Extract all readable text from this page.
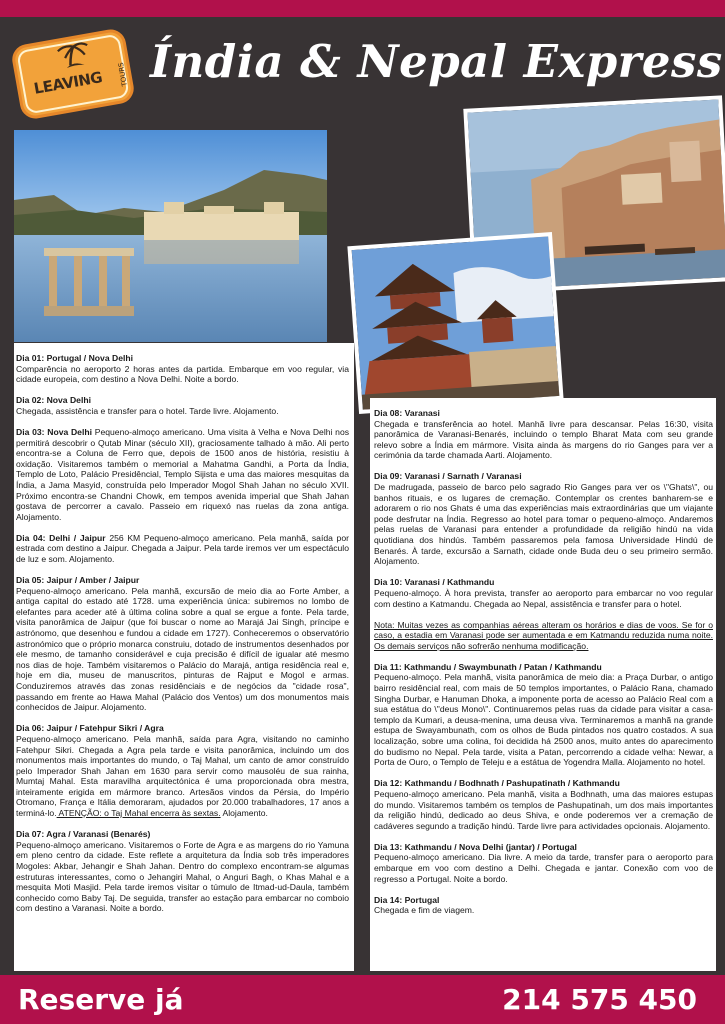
LEAVING TOURS Índia & Nepal Express
Dia 01: Portugal / Nova Delhi
Comparência no aeroporto 2 horas antes da partida. Embarque em voo regular, via cidade europeia, com destino a Nova Delhi. Noite a bordo.
Dia 02: Nova Delhi
Chegada, assistência e transfer para o hotel. Tarde livre. Alojamento.
Dia 03: Nova Delhi Pequeno-almoço americano. Uma visita à Velha e Nova Delhi nos permitirá descobrir o Qutab Minar (século XII), graciosamente talhado à mão. Ali perto encontra-se a Coluna de Ferro que, depois de 1500 anos de história, resistiu à oxidação. Visitaremos também o memorial a Mahatma Gandhi, a Porta da Índia, Templo de Loto, Palácio Presidêncial, Templo Sijista e uma das maiores mesquitas da Índia, a Jama Masyid, construída pelo Imperador Mogol Shah Jahan no século XVII. Próximo encontra-se Chandni Chowk, em tempos avenida imperial que Shah Jahan gostava de percorrer a cavalo. Passeio em riquexó nas ruelas da zona antiga. Alojamento.
Dia 04: Delhi / Jaipur 256 KM Pequeno-almoço americano. Pela manhã, saída por estrada com destino a Jaipur. Chegada a Jaipur. Pela tarde iremos ver um espectáculo de luz e som. Alojamento.
Dia 05: Jaipur / Amber / Jaipur
Pequeno-almoço americano. Pela manhã, excursão de meio dia ao Forte Amber, a antiga capital do estado até 1728. uma experiência única: subiremos no lombo de elefantes para aceder até à última colina sobre a qual se ergue a fonte. Pela tarde, visita panorâmica de Jaipur (que foi buscar o nome ao Marajá Jai Singh, príncipe e astrónomo, que desenhou e fundou a cidade em 1727). Conheceremos o observatório astronómico que o próprio monarca construiu, dotado de instrumentos desenhados por ele mesmo, de tamanho considerável e cuja precisão é difícil de igualar até mesmo nos dias de hoje. Também visitaremos o Palácio do Marajá, antiga residência real e, hoje em dia, museu de manuscritos, pinturas de Rajput e Mogol e armas. Conduziremos através das zonas residênciais e de negócios da "cidade rosa", passando em frente ao Hawa Mahal (Palácio dos Ventos) um dos monumentos mais conhecidos de Jaipur. Alojamento.
Dia 06: Jaipur / Fatehpur Sikri / Agra
Pequeno-almoço americano. Pela manhã, saída para Agra, visitando no caminho Fatehpur Sikri. Chegada a Agra pela tarde e visita panorâmica, incluindo um dos monumentos mais importantes do mundo, o Taj Mahal, um canto de amor construído pelo Imperador Shah Jahan em 1630 para servir como mausoléu de sua rainha, Mumtaj Mahal. Esta maravilha arquitectónica é uma proporcionada obra mestra, inteiramente erigida em mármore branco. Artesãos vindos da Pérsia, do Império Otromano, França e Itália demoraram, ajudados por 20.000 trabalhadores, 17 anos a terminá-lo. ATENÇÃO: o Taj Mahal encerra às sextas. Alojamento.
Dia 07: Agra / Varanasi (Benarés)
Pequeno-almoço americano. Visitaremos o Forte de Agra e as margens do rio Yamuna em pleno centro da cidade. Este reflete a arquitetura da Índia sob três imperadores Mogoles: Akbar, Jehangir e Shah Jahan. Dentro do complexo encontram-se algumas estruturas interessantes, como o Jehangiri Mahal, o Anguri Bagh, o Khas Mahal e a mesquita Moti Masjid. Pela tarde iremos visitar o túmulo de Itmad-ud-Daula, também conhecido como Baby Taj. De seguida, transfer ao estação para embarcar no comboio com destino a Varanasi. Noite a bordo.
Dia 08: Varanasi
Chegada e transferência ao hotel. Manhã livre para descansar. Pelas 16:30, visita panorâmica de Varanasi-Benarés, incluindo o templo Bharat Mata com seu grande relevo sobre a Índia em mármore. Visita ainda às margens do rio Ganges para ver a cerimónia da tarde chamada Aarti. Alojamento.
Dia 09: Varanasi / Sarnath / Varanasi
De madrugada, passeio de barco pelo sagrado Rio Ganges para ver os \"Ghats\", ou banhos rituais, e os lugares de cremação. Contemplar os crentes banharem-se e adorarem o rio nos Ghats é uma das experiências mais extraordinárias que um viajante pode desfrutar na Índia. Regresso ao hotel para tomar o pequeno-almoço. Andaremos pelas ruelas de Varanasi para entender a profundidade da religião hindú na vida quotidiana dos hindús. Também passaremos pela famosa Universidade Hindú de Benarés. À tarde, excursão a Sarnath, cidade onde Buda deu o seu primeiro sermão. Alojamento.
Dia 10: Varanasi / Kathmandu
Pequeno-almoço. À hora prevista, transfer ao aeroporto para embarcar no voo regular com destino a Katmandu. Chegada ao Nepal, assistência e transfer para o hotel.
Nota: Muitas vezes as companhias aéreas alteram os horários e dias de voos. Se for o caso, a estadia em Varanasi pode ser aumentada e em Katmandu reduzida numa noite. Os demais serviços não sofrerão nenhuma modificação.
Dia 11: Kathmandu / Swaymbunath / Patan / Kathmandu
Pequeno-almoço. Pela manhã, visita panorâmica de meio dia: a Praça Durbar, o antigo bairro residêncial real, com mais de 50 templos importantes, o Palácio Rana, chamado Singha Durbar, e Hanuman Dhoka, a imponente porta de acesso ao Palácio Real com a sua estátua do \"deus Mono\". Continuaremos pelas ruas da cidade para visitar a casa-templo da Kumari, a deusa-menina, uma deusa viva. Terminaremos a manhã na grande estupa de Swayambunath, com os olhos de Buda pintados nos quatro costados. A sua localização, sobre uma colina, foi decidida há 2500 anos, muito antes do aparecimento do budismo no Nepal. Pela tarde, visita a Patan, percorrendo a cidade velha: Newar, a Porta de Ouro, o Templo de Teleju e a estátua de Yogendra Malla. Alojamento no hotel.
Dia 12: Kathmandu / Bodhnath / Pashupatinath / Kathmandu
Pequeno-almoço americano. Pela manhã, visita a Bodhnath, uma das maiores estupas do mundo. Visitaremos também os templos de Pashupatinah, um dos mais importantes da religião hindú, dedicado ao deus Shiva, e onde poderemos ver a cremação de cadáveres segundo a tradição hindú. Tarde livre para actividades opcionais. Alojamento.
Dia 13: Kathmandu / Nova Delhi (jantar) / Portugal
Pequeno-almoço americano. Dia livre. A meio da tarde, transfer para o aeroporto para embarque em voo com destino a Delhi. Chegada e jantar. Conexão com voo de regresso a Portugal. Noite a bordo.
Dia 14: Portugal
Chegada e fim de viagem.
Reserve já	214 575 450
